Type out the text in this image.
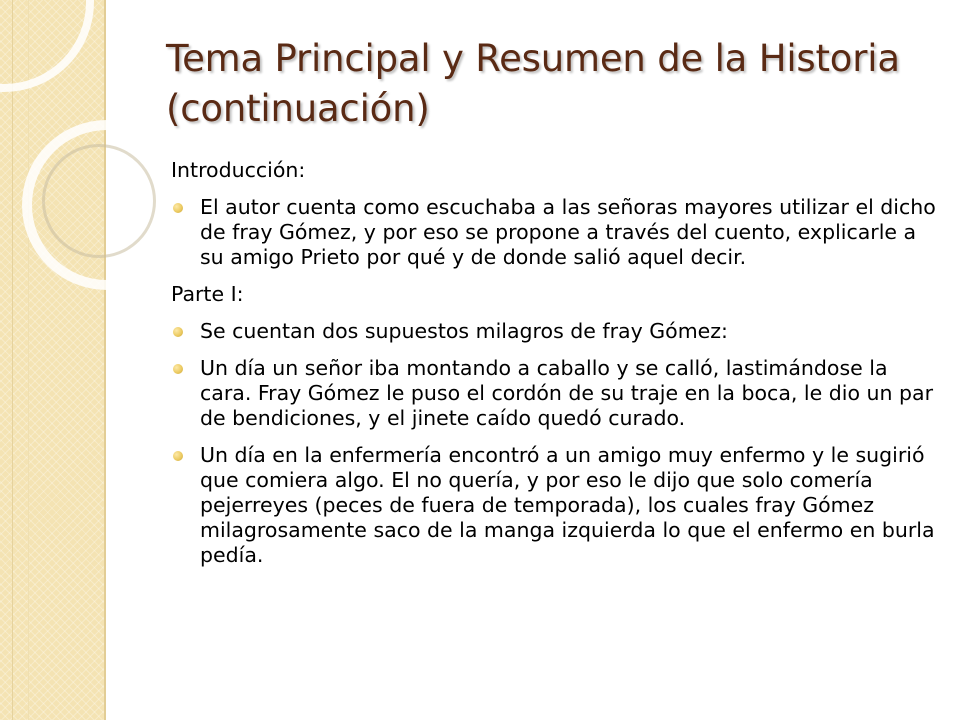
Tema Principal y Resumen de la Historia (continuación)
Introducción:
El autor cuenta como escuchaba a las señoras mayores utilizar el dicho de fray Gómez, y por eso se propone a través del cuento, explicarle a su amigo Prieto por qué y de donde salió aquel decir.
Parte I:
Se cuentan dos supuestos milagros de fray Gómez:
Un día un señor iba montando a caballo y se calló, lastimándose la cara. Fray Gómez le puso el cordón de su traje en la boca, le dio un par de bendiciones, y el jinete caído quedó curado.
Un día en la enfermería encontró a un amigo muy enfermo y le sugirió que comiera algo. El no quería, y por eso le dijo que solo comería pejerreyes (peces de fuera de temporada), los cuales fray Gómez milagrosamente saco de la manga izquierda lo que el enfermo en burla pedía.
